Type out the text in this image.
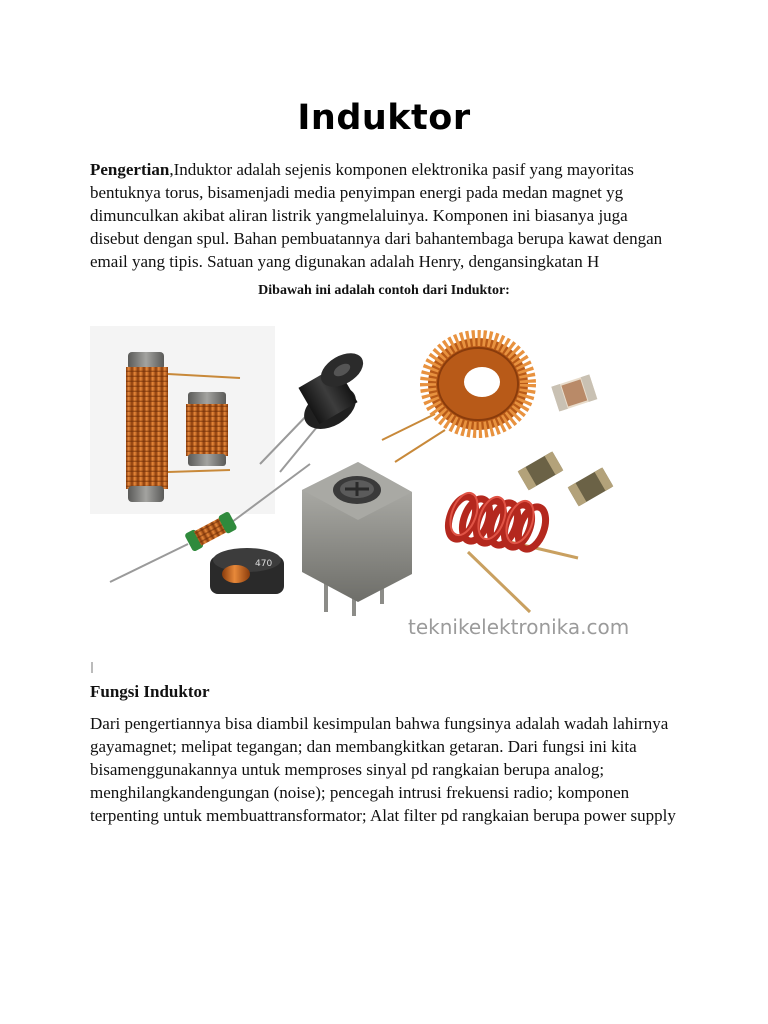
Induktor

Pengertian,Induktor adalah sejenis komponen elektronika pasif yang mayoritas bentuknya torus, bisamenjadi media penyimpan energi pada medan magnet yg dimunculkan akibat aliran listrik yangmelaluinya. Komponen ini biasanya juga disebut dengan spul. Bahan pembuatannya dari bahantembaga berupa kawat dengan email yang tipis. Satuan yang digunakan adalah Henry, dengansingkatan H

Dibawah ini adalah contoh dari Induktor:
470
teknikelektronika.com
Fungsi Induktor

Dari pengertiannya bisa diambil kesimpulan bahwa fungsinya adalah wadah lahirnya gayamagnet; melipat tegangan; dan membangkitkan getaran. Dari fungsi ini kita bisamenggunakannya untuk memproses sinyal pd rangkaian berupa analog; menghilangkandengungan (noise); pencegah intrusi frekuensi radio; komponen terpenting untuk membuattransformator; Alat filter pd rangkaian berupa power supply
